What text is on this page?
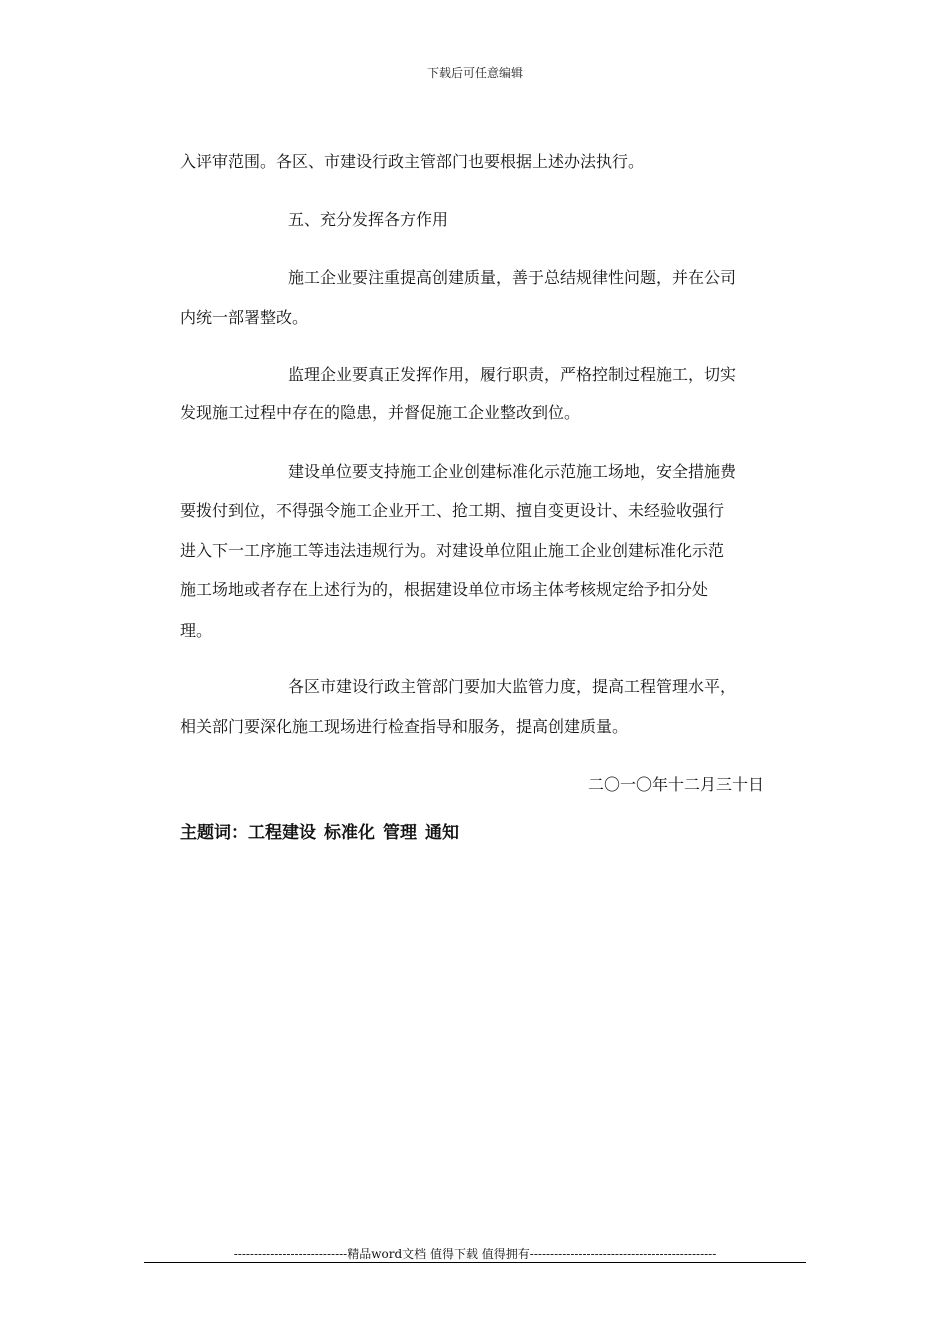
下载后可任意编辑
入评审范围。各区、市建设行政主管部门也要根据上述办法执行。
五、充分发挥各方作用
施工企业要注重提高创建质量，善于总结规律性问题，并在公司
内统一部署整改。
监理企业要真正发挥作用，履行职责，严格控制过程施工，切实
发现施工过程中存在的隐患，并督促施工企业整改到位。
建设单位要支持施工企业创建标准化示范施工场地，安全措施费
要拨付到位，不得强令施工企业开工、抢工期、擅自变更设计、未经验收强行
进入下一工序施工等违法违规行为。对建设单位阻止施工企业创建标准化示范
施工场地或者存在上述行为的，根据建设单位市场主体考核规定给予扣分处
理。
各区市建设行政主管部门要加大监管力度，提高工程管理水平，
相关部门要深化施工现场进行检查指导和服务，提高创建质量。
二〇一〇年十二月三十日
主题词：工程建设 标准化 管理 通知
----------------------------精品word文档 值得下载 值得拥有----------------------------------------------
